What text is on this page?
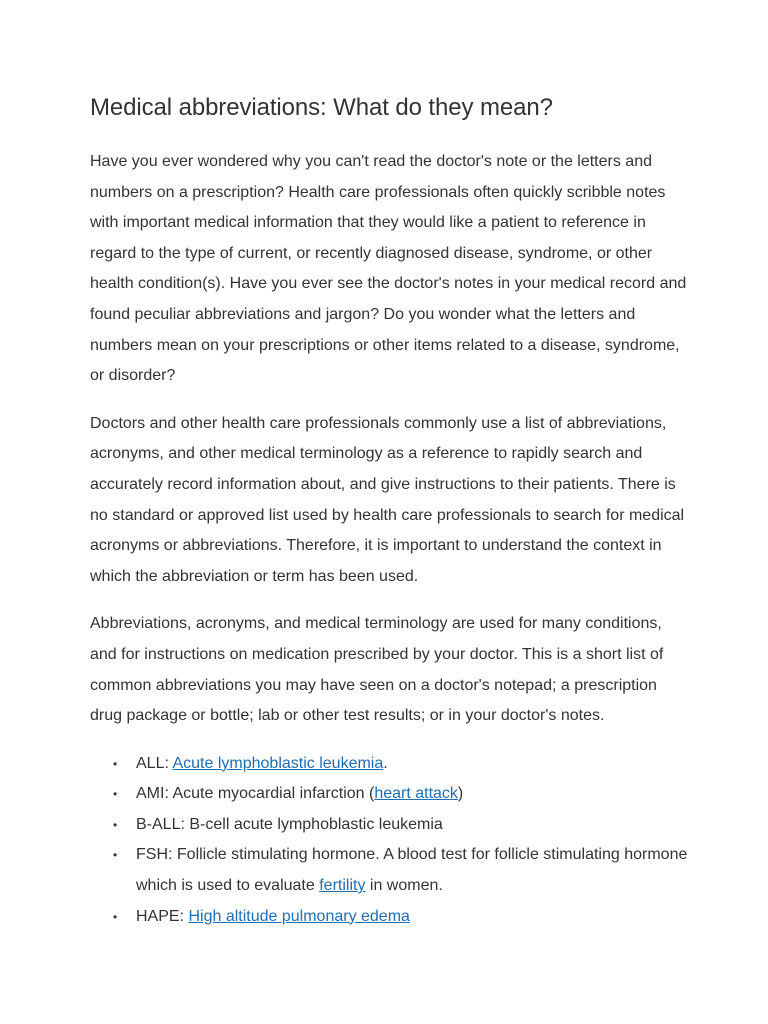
Medical abbreviations: What do they mean?

Have you ever wondered why you can't read the doctor's note or the letters and numbers on a prescription? Health care professionals often quickly scribble notes with important medical information that they would like a patient to reference in regard to the type of current, or recently diagnosed disease, syndrome, or other health condition(s). Have you ever see the doctor's notes in your medical record and found peculiar abbreviations and jargon? Do you wonder what the letters and numbers mean on your prescriptions or other items related to a disease, syndrome, or disorder?

Doctors and other health care professionals commonly use a list of abbreviations, acronyms, and other medical terminology as a reference to rapidly search and accurately record information about, and give instructions to their patients. There is no standard or approved list used by health care professionals to search for medical acronyms or abbreviations. Therefore, it is important to understand the context in which the abbreviation or term has been used.

Abbreviations, acronyms, and medical terminology are used for many conditions, and for instructions on medication prescribed by your doctor. This is a short list of common abbreviations you may have seen on a doctor's notepad; a prescription drug package or bottle; lab or other test results; or in your doctor's notes.

• ALL: Acute lymphoblastic leukemia.
• AMI: Acute myocardial infarction (heart attack)
• B-ALL: B-cell acute lymphoblastic leukemia
• FSH: Follicle stimulating hormone. A blood test for follicle stimulating hormone which is used to evaluate fertility in women.
• HAPE: High altitude pulmonary edema
